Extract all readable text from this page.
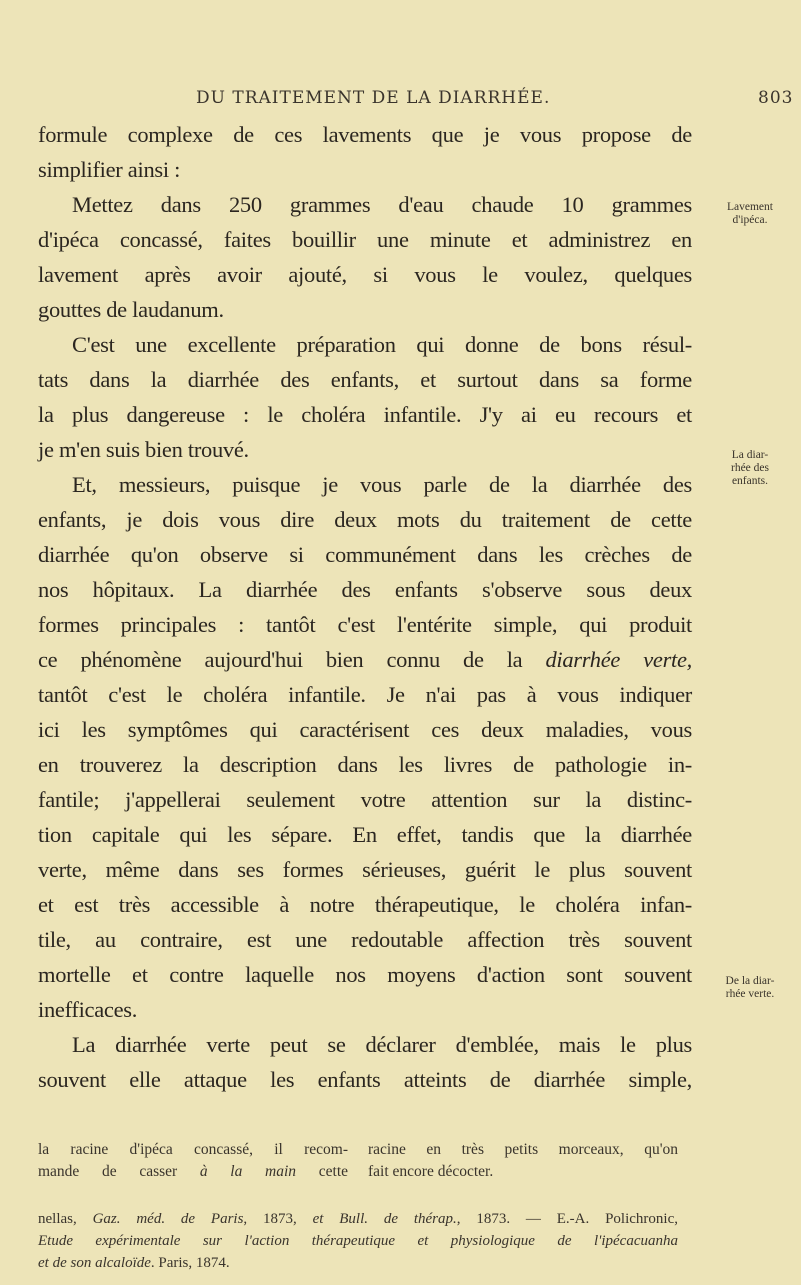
DU TRAITEMENT DE LA DIARRHÉE.	803
formule complexe de ces lavements que je vous propose de
simplifier ainsi :
Mettez dans 250 grammes d'eau chaude 10 grammes
d'ipéca concassé, faites bouillir une minute et administrez en
lavement après avoir ajouté, si vous le voulez, quelques
gouttes de laudanum.
C'est une excellente préparation qui donne de bons résul-
tats dans la diarrhée des enfants, et surtout dans sa forme
la plus dangereuse : le choléra infantile. J'y ai eu recours et
je m'en suis bien trouvé.
Et, messieurs, puisque je vous parle de la diarrhée des
enfants, je dois vous dire deux mots du traitement de cette
diarrhée qu'on observe si communément dans les crèches de
nos hôpitaux. La diarrhée des enfants s'observe sous deux
formes principales : tantôt c'est l'entérite simple, qui produit
ce phénomène aujourd'hui bien connu de la diarrhée verte,
tantôt c'est le choléra infantile. Je n'ai pas à vous indiquer
ici les symptômes qui caractérisent ces deux maladies, vous
en trouverez la description dans les livres de pathologie in-
fantile; j'appellerai seulement votre attention sur la distinc-
tion capitale qui les sépare. En effet, tandis que la diarrhée
verte, même dans ses formes sérieuses, guérit le plus souvent
et est très accessible à notre thérapeutique, le choléra infan-
tile, au contraire, est une redoutable affection très souvent
mortelle et contre laquelle nos moyens d'action sont souvent
inefficaces.
La diarrhée verte peut se déclarer d'emblée, mais le plus
souvent elle attaque les enfants atteints de diarrhée simple,
la racine d'ipéca concassé, il recom-
mande de casser à la main cette
racine en très petits morceaux, qu'on
fait encore décocter.
nellas, Gaz. méd. de Paris, 1873, et Bull. de thérap., 1873. — E.-A. Polichronic,
Etude expérimentale sur l'action thérapeutique et physiologique de l'ipécacuanha
et de son alcaloïde. Paris, 1874.
Lavement
d'ipéca.
La diar-
rhée des
enfants.
De la diar-
rhée verte.
